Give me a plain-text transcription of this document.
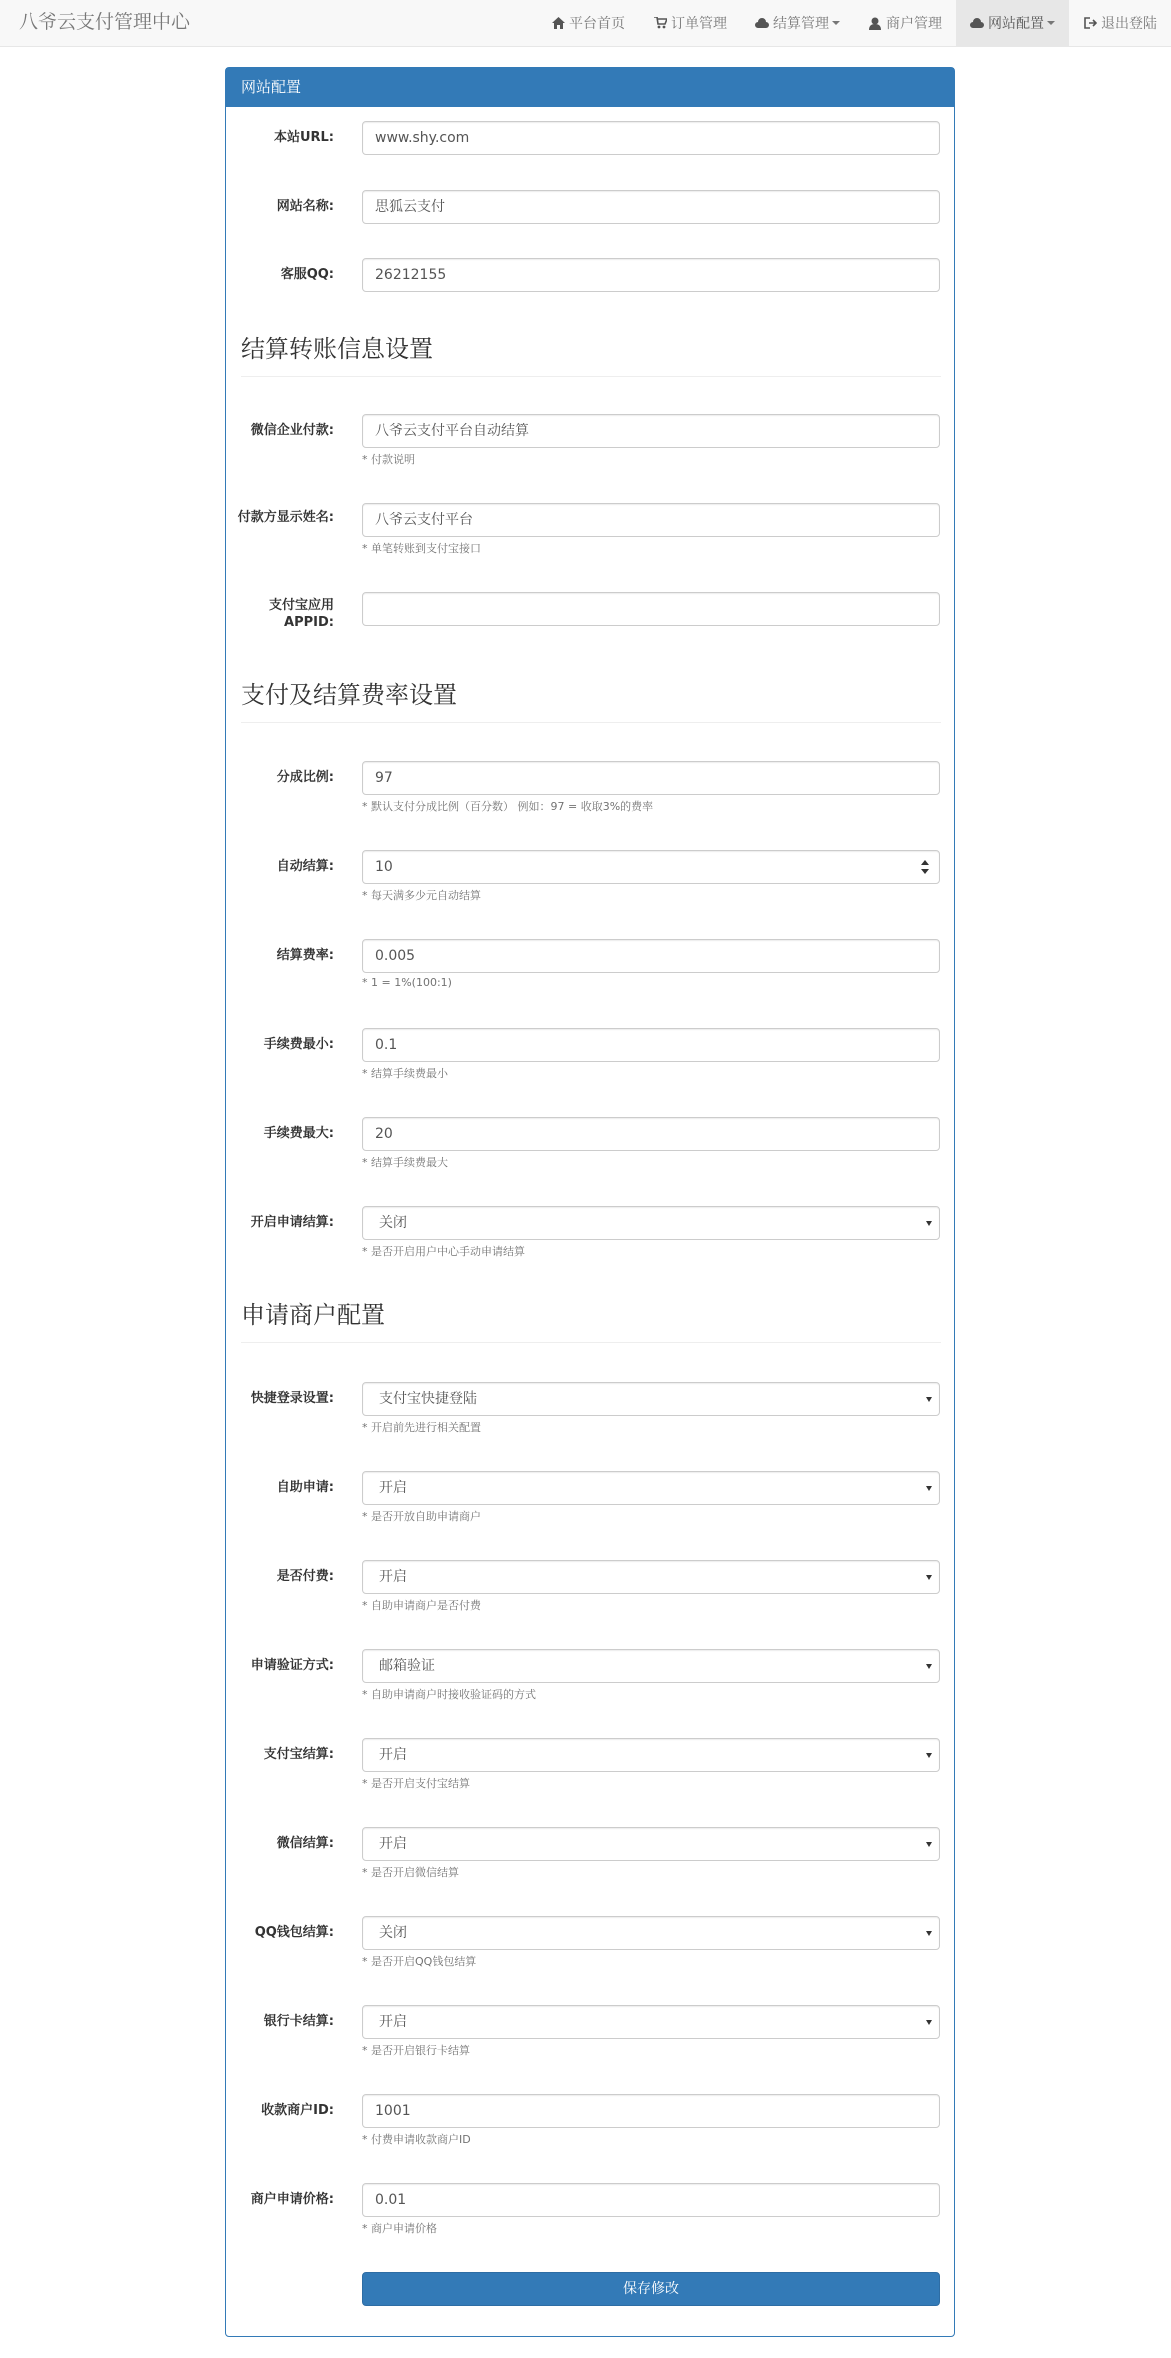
八爷云支付管理中心	平台首页	订单管理	结算管理	商户管理	网站配置	退出登陆
网站配置
本站URL:	www.shy.com
网站名称:	思狐云支付
客服QQ:	26212155
结算转账信息设置
微信企业付款:	八爷云支付平台自动结算
* 付款说明
付款方显示姓名:	八爷云支付平台
* 单笔转账到支付宝接口
支付宝应用APPID:
支付及结算费率设置
分成比例:	97
* 默认支付分成比例（百分数） 例如：97 = 收取3%的费率
自动结算:	10
* 每天满多少元自动结算
结算费率:	0.005
* 1 = 1%(100:1)
手续费最小:	0.1
* 结算手续费最小
手续费最大:	20
* 结算手续费最大
开启申请结算:	关闭
* 是否开启用户中心手动申请结算
申请商户配置
快捷登录设置:	支付宝快捷登陆
* 开启前先进行相关配置
自助申请:	开启
* 是否开放自助申请商户
是否付费:	开启
* 自助申请商户是否付费
申请验证方式:	邮箱验证
* 自助申请商户时接收验证码的方式
支付宝结算:	开启
* 是否开启支付宝结算
微信结算:	开启
* 是否开启微信结算
QQ钱包结算:	关闭
* 是否开启QQ钱包结算
银行卡结算:	开启
* 是否开启银行卡结算
收款商户ID:	1001
* 付费申请收款商户ID
商户申请价格:	0.01
* 商户申请价格
保存修改
